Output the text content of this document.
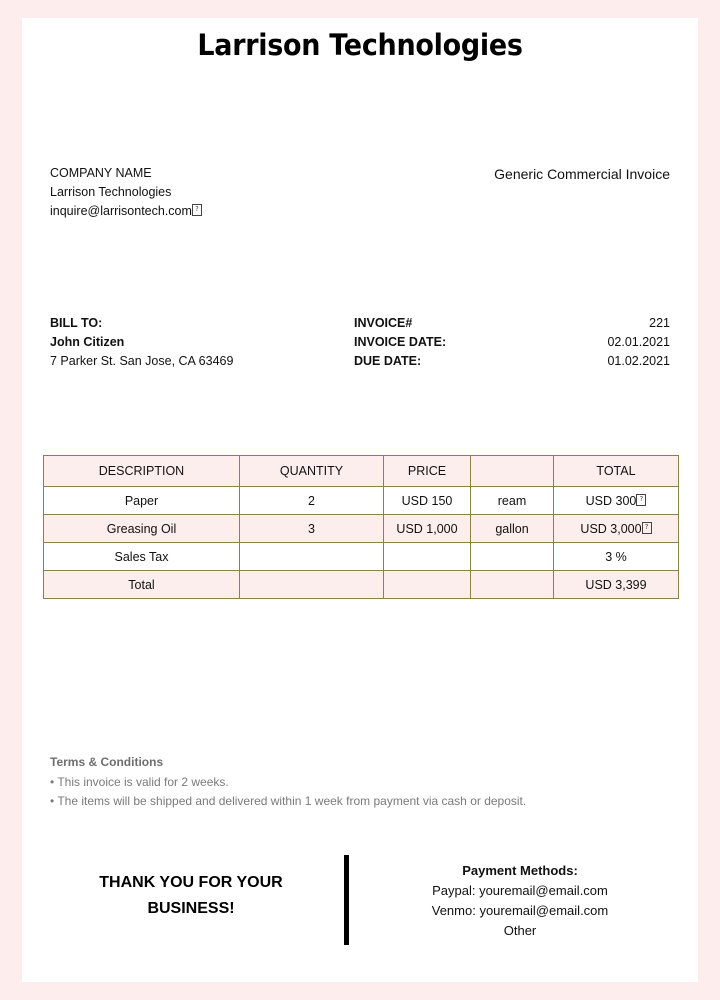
Larrison Technologies
COMPANY NAME
Larrison Technologies
inquire@larrisontech.com ?
Generic Commercial Invoice
BILL TO:
John Citizen
7 Parker St. San Jose, CA 63469
INVOICE#	221
INVOICE DATE:	02.01.2021
DUE DATE:	01.02.2021
DESCRIPTION	QUANTITY	PRICE		TOTAL
Paper	2	USD 150	ream	USD 300 ?
Greasing Oil	3	USD 1,000	gallon	USD 3,000 ?
Sales Tax				3 %
Total				USD 3,399
Terms & Conditions
• This invoice is valid for 2 weeks.
• The items will be shipped and delivered within 1 week from payment via cash or deposit.
THANK YOU FOR YOUR
BUSINESS!
Payment Methods:
Paypal: youremail@email.com
Venmo: youremail@email.com
Other
